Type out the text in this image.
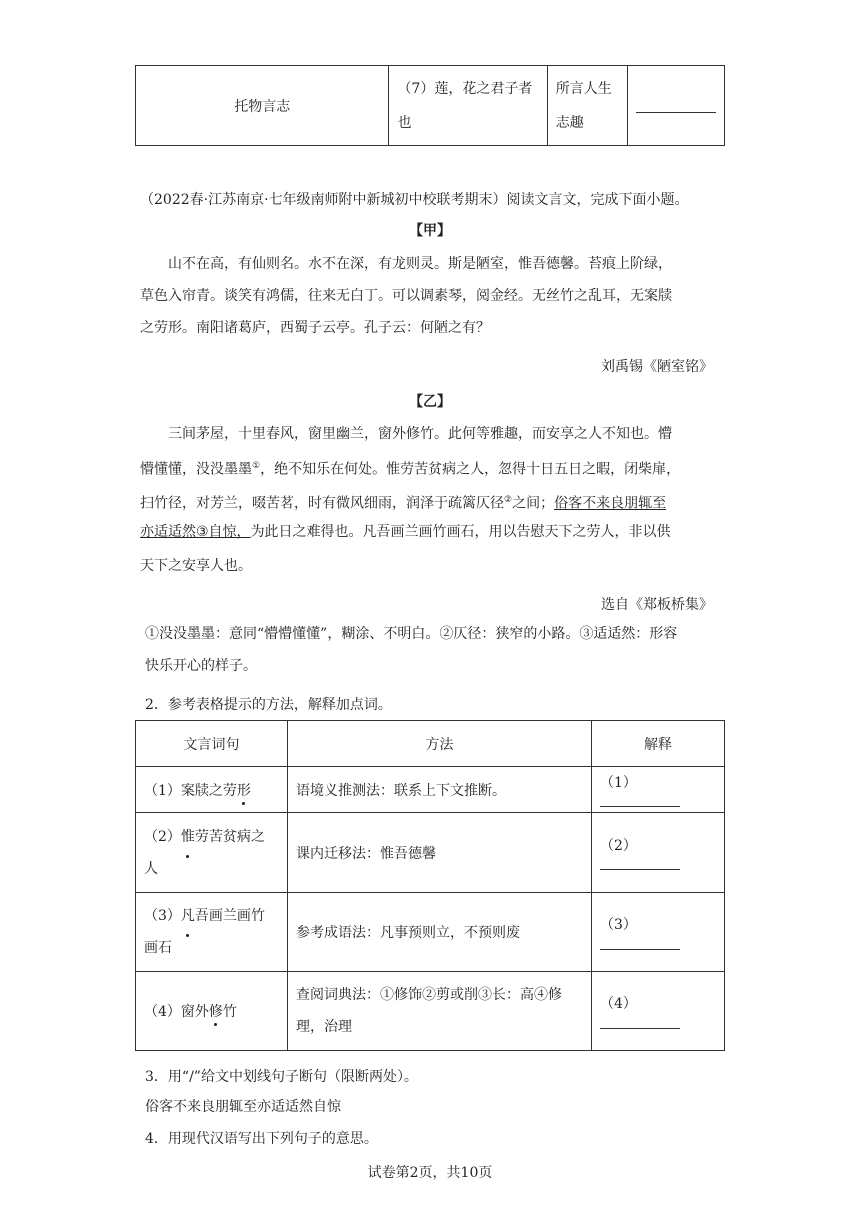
托物言志	（7）莲，花之君子者
也	所言人生
志趣	
（2022春·江苏南京·七年级南师附中新城初中校联考期末）阅读文言文，完成下面小题。
【甲】
山不在高，有仙则名。水不在深，有龙则灵。斯是陋室，惟吾德馨。苔痕上阶绿，
草色入帘青。谈笑有鸿儒，往来无白丁。可以调素琴，阅金经。无丝竹之乱耳，无案牍
之劳形。南阳诸葛庐，西蜀子云亭。孔子云：何陋之有？
刘禹锡《陋室铭》
【乙】
三间茅屋，十里春风，窗里幽兰，窗外修竹。此何等雅趣，而安享之人不知也。懵
懵懂懂，没没墨墨①，绝不知乐在何处。惟劳苦贫病之人，忽得十日五日之暇，闭柴扉，
扫竹径，对芳兰，啜苦茗，时有微风细雨，润泽于疏篱仄径②之间；俗客不来良朋辄至
亦适适然③自惊，为此日之难得也。凡吾画兰画竹画石，用以告慰天下之劳人，非以供
天下之安享人也。
选自《郑板桥集》
①没没墨墨：意同“懵懵懂懂”，糊涂、不明白。②仄径：狭窄的小路。③适适然：形容
快乐开心的样子。
2．参考表格提示的方法，解释加点词。
文言词句	方法	解释
（1）案牍之劳形	语境义推测法：联系上下文推断。	（1）
（2）惟
劳苦贫病之
人	课内迁移法：惟吾德馨	（2）
（3）凡
吾画兰画竹
画石	参考成语法：凡事预则立，不预则废	（3）
（4）窗外修
竹	查阅词典法：①修饰②剪或削③长：高④修
理，治理	（4）
3．用“/”给文中划线句子断句（限断两处）。
俗客不来良朋辄至亦适适然自惊
4．用现代汉语写出下列句子的意思。
试卷第2页，共10页
